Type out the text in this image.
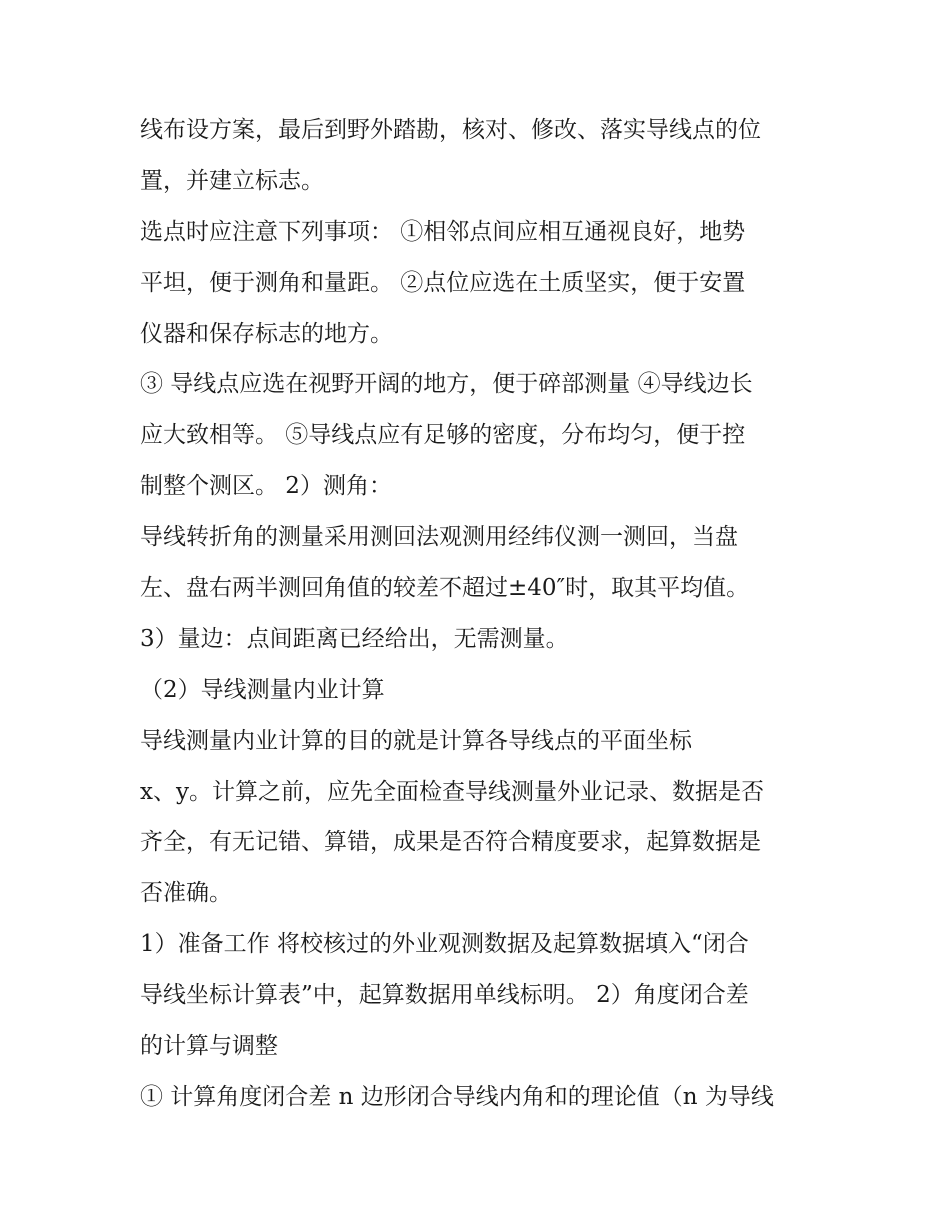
线布设方案，最后到野外踏勘，核对、修改、落实导线点的位
置，并建立标志。
选点时应注意下列事项： ①相邻点间应相互通视良好，地势
平坦，便于测角和量距。 ②点位应选在土质坚实，便于安置
仪器和保存标志的地方。
③ 导线点应选在视野开阔的地方，便于碎部测量 ④导线边长
应大致相等。 ⑤导线点应有足够的密度，分布均匀，便于控
制整个测区。 2）测角：
导线转折角的测量采用测回法观测用经纬仪测一测回，当盘
左、盘右两半测回角值的较差不超过±40″时，取其平均值。
3）量边：点间距离已经给出，无需测量。
（2）导线测量内业计算
导线测量内业计算的目的就是计算各导线点的平面坐标
x、y。计算之前，应先全面检查导线测量外业记录、数据是否
齐全，有无记错、算错，成果是否符合精度要求，起算数据是
否准确。
1）准备工作 将校核过的外业观测数据及起算数据填入“闭合
导线坐标计算表”中，起算数据用单线标明。 2）角度闭合差
的计算与调整
① 计算角度闭合差 n 边形闭合导线内角和的理论值（n 为导线
